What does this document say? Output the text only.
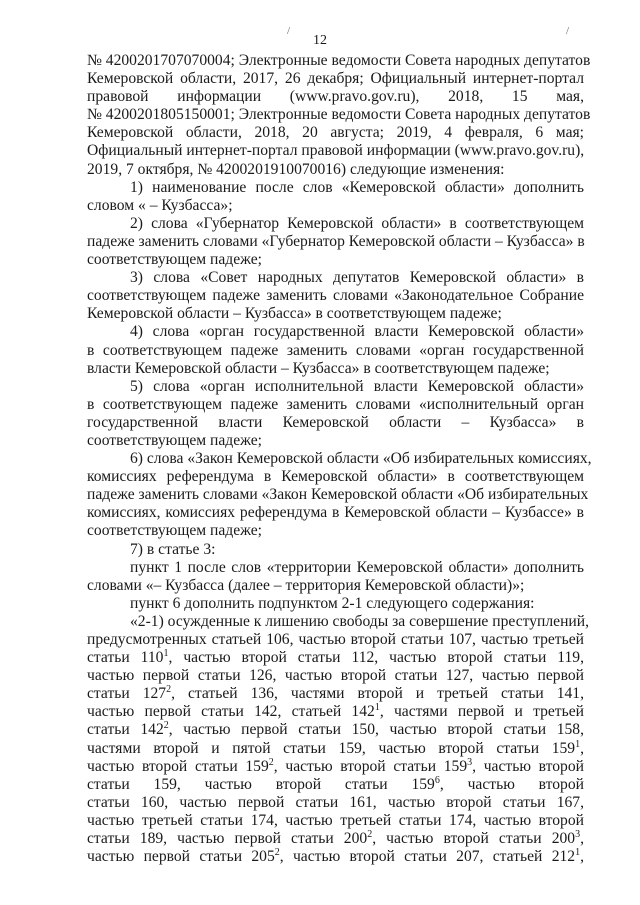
12
/	/
№ 4200201707070004; Электронные ведомости Совета народных депутатов
Кемеровской области, 2017, 26 декабря; Официальный интернет-портал
правовой информации (www.pravo.gov.ru), 2018, 15 мая,
№ 4200201805150001; Электронные ведомости Совета народных депутатов
Кемеровской области, 2018, 20 августа; 2019, 4 февраля, 6 мая;
Официальный интернет-портал правовой информации (www.pravo.gov.ru),
2019, 7 октября, № 4200201910070016) следующие изменения:
1) наименование после слов «Кемеровской области» дополнить
словом « – Кузбасса»;
2) слова «Губернатор Кемеровской области» в соответствующем
падеже заменить словами «Губернатор Кемеровской области – Кузбасса» в
соответствующем падеже;
3) слова «Совет народных депутатов Кемеровской области» в
соответствующем падеже заменить словами «Законодательное Собрание
Кемеровской области – Кузбасса» в соответствующем падеже;
4) слова «орган государственной власти Кемеровской области»
в соответствующем падеже заменить словами «орган государственной
власти Кемеровской области – Кузбасса» в соответствующем падеже;
5) слова «орган исполнительной власти Кемеровской области»
в соответствующем падеже заменить словами «исполнительный орган
государственной власти Кемеровской области – Кузбасса» в
соответствующем падеже;
6) слова «Закон Кемеровской области «Об избирательных комиссиях,
комиссиях референдума в Кемеровской области» в соответствующем
падеже заменить словами «Закон Кемеровской области «Об избирательных
комиссиях, комиссиях референдума в Кемеровской области – Кузбассе» в
соответствующем падеже;
7) в статье 3:
пункт 1 после слов «территории Кемеровской области» дополнить
словами «– Кузбасса (далее – территория Кемеровской области)»;
пункт 6 дополнить подпунктом 2-1 следующего содержания:
«2-1) осужденные к лишению свободы за совершение преступлений,
предусмотренных статьей 106, частью второй статьи 107, частью третьей
статьи $110^1$, частью второй статьи 112, частью второй статьи 119,
частью первой статьи 126, частью второй статьи 127, частью первой
статьи $127^2$, статьей 136, частями второй и третьей статьи 141,
частью первой статьи 142, статьей $142^1$, частями первой и третьей
статьи $142^2$, частью первой статьи 150, частью второй статьи 158,
частями второй и пятой статьи 159, частью второй статьи $159^1$,
частью второй статьи $159^2$, частью второй статьи $159^3$, частью второй
статьи 159, частью второй статьи $159^6$, частью второй
статьи 160, частью первой статьи 161, частью второй статьи 167,
частью третьей статьи 174, частью третьей статьи 174, частью второй
статьи 189, частью первой статьи $200^2$, частью второй статьи $200^3$,
частью первой статьи $205^2$, частью второй статьи 207, статьей $212^1$,
